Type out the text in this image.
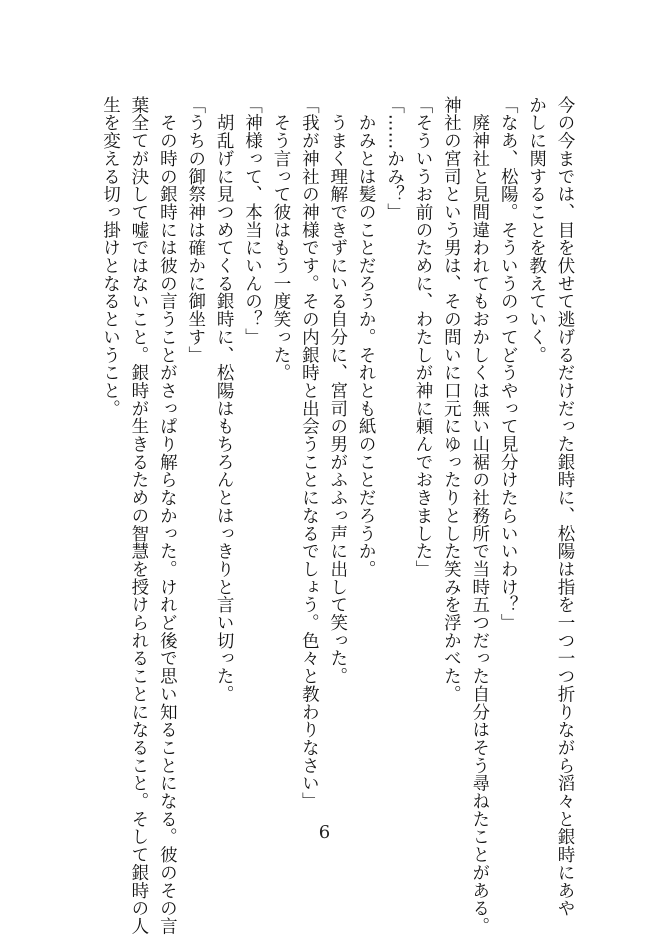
今の今までは、目を伏せて逃げるだけだった銀時に、松陽は指を一つ一つ折りながら滔々と銀時にあや
かしに関することを教えていく。
「なあ、松陽。そういうのってどうやって見分けたらいいわけ？」
　廃神社と見間違われてもおかしくは無い山裾の社務所で当時五つだった自分はそう尋ねたことがある。
神社の宮司という男は、その問いに口元にゆったりとした笑みを浮かべた。
「そういうお前のために、わたしが神に頼んでおきました」
「……かみ？」
　かみとは髪のことだろうか。それとも紙のことだろうか。
　うまく理解できずにいる自分に、宮司の男がふふっ声に出して笑った。
「我が神社の神様です。その内銀時と出会うことになるでしょう。色々と教わりなさい」
　そう言って彼はもう一度笑った。
「神様って、本当にいんの？」
　胡乱げに見つめてくる銀時に、松陽はもちろんとはっきりと言い切った。
「うちの御祭神は確かに御坐す」
　その時の銀時には彼の言うことがさっぱり解らなかった。けれど後で思い知ることになる。彼のその言
葉全てが決して嘘ではないこと。銀時が生きるための智慧を授けられることになること。そして銀時の人
生を変える切っ掛けとなるということ。
6
